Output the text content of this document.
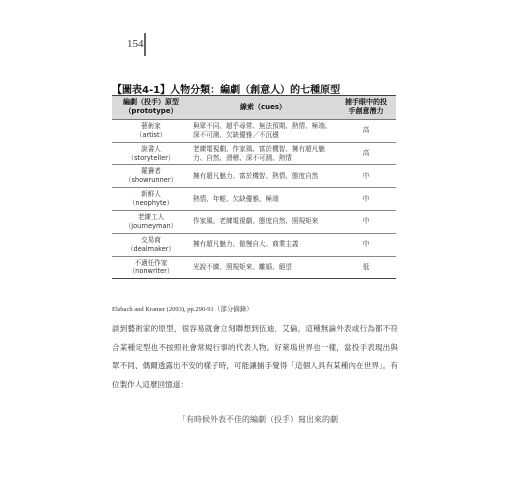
154
【圖表4-1】人物分類：編劇（創意人）的七種原型
編劇（投手）原型
（prototype）	線索（cues）	捕手眼中的投
手創意潛力

藝術家
（artist）	與眾不同、超乎尋常、無法預期、熱情、極端、深不可測、欠缺優雅／不沉穩	高

說書人
（storyteller）	老練電視劇、作家風、富於機智、擁有超凡魅力、自然、滑稽、深不可測、熱情	高

羅賽者
（showrunner）	擁有超凡魅力、富於機智、熱情、態度自然	中

新鮮人
（neophyte）	熱情、年輕、欠缺優雅、極端	中

老練工人
（journeyman）	作家風、老練電視劇、態度自然、照規矩來	中

交易商
（dealmaker）	擁有超凡魅力、傲慢自大、商業主義	中

不適任作家
（nonwriter）	光說不練、照規矩來、離婚、絕望	低
Elsbach and Kramer (2003), pp.290-91（部分摘錄）

談到藝術家的原型，很容易就會立刻聯想到伍迪．艾倫，這種無論外表或行為都不符合某種定型也不按照社會常規行事的代表人物。好萊塢世界也一樣，當投手表現出與眾不同、偶爾透露出不安的樣子時，可能讓捕手覺得「這個人具有某種內在世界」。有位製作人這麼回憶道：

「有時候外表不佳的編劇（投手）寫出來的劇
